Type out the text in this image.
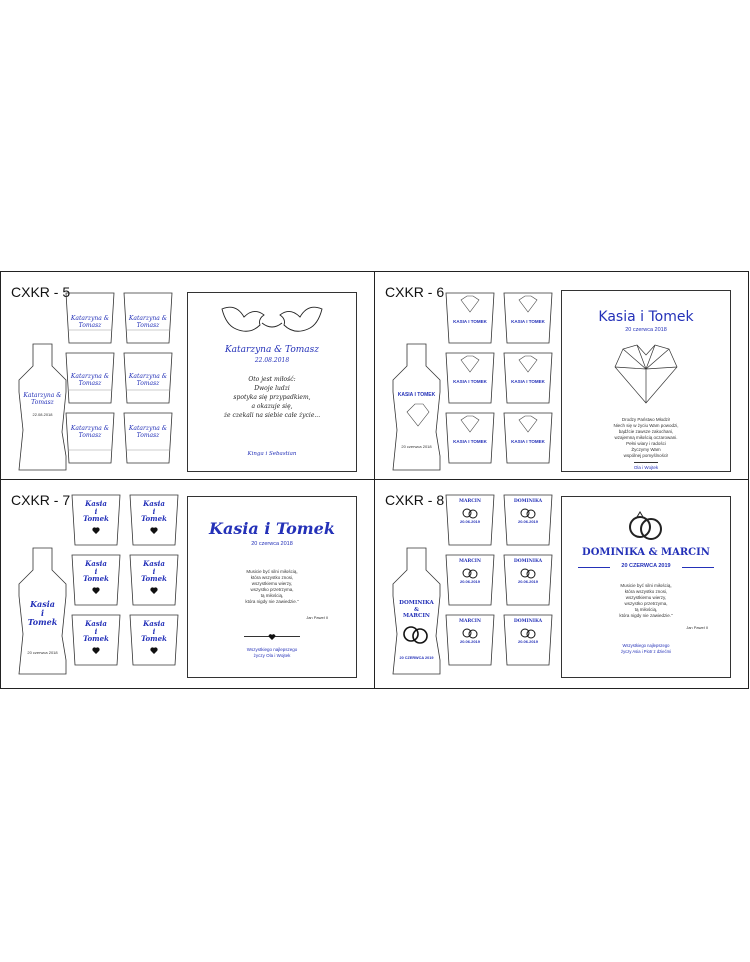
CXKR - 5
Katarzyna & Tomasz
22.08.2018
Katarzyna & Tomasz
Katarzyna & Tomasz
Katarzyna & Tomasz
Katarzyna & Tomasz
Katarzyna & Tomasz
Katarzyna & Tomasz
Katarzyna & Tomasz
22.08.2018
Oto jest miłość:
Dwoje ludzi
spotyka się przypadkiem,
a okazuje się,
że czekali na siebie całe życie...
Kinga i Sebastian
CXKR - 6
KASIA I TOMEK
20 czerwca 2018
KASIA I TOMEK	KASIA I TOMEK
KASIA I TOMEK	KASIA I TOMEK
KASIA I TOMEK	KASIA I TOMEK
Kasia i Tomek
20 czerwca 2018
Drodzy Państwo Młodzi!
Niech się w życiu Wam powodzi,
bądźcie zawsze zakochani,
wzajemną miłością oczarowani.
Pełni wiary i radości
Życzymy Wam
wspólnej pomyślności!
Ola i Wojtek
CXKR - 7
Kasia
i
Tomek
20 czerwca 2018
Kasia
i
Tomek
Kasia
i
Tomek
Kasia
i
Tomek
Kasia
i
Tomek
Kasia
i
Tomek
Kasia
i
Tomek
Kasia i Tomek
20 czerwca 2018
Musicie być silni miłością,
która wszystko znosi,
wszystkiemu wierzy,
wszystko przetrzyma,
tą miłością,
która nigdy nie zawiedzie."
Jan Paweł II
Wszystkiego najlepszego
życzy Ola i Wojtek
CXKR - 8
DOMINIKA
&
MARCIN
20 CZERWCA 2019
MARCIN
20.06.2019
DOMINIKA
20.06.2019
MARCIN
20.06.2019
DOMINIKA
20.06.2019
MARCIN
20.06.2019
DOMINIKA
20.06.2019
DOMINIKA & MARCIN
20 CZERWCA 2019
Musicie być silni miłością,
która wszystko znosi,
wszystkiemu wierzy,
wszystko przetrzyma,
tą miłością,
która nigdy nie zawiedzie."
Jan Paweł II
Wszystkiego najlepszego
życzy Asia i Piotr z dziećmi
